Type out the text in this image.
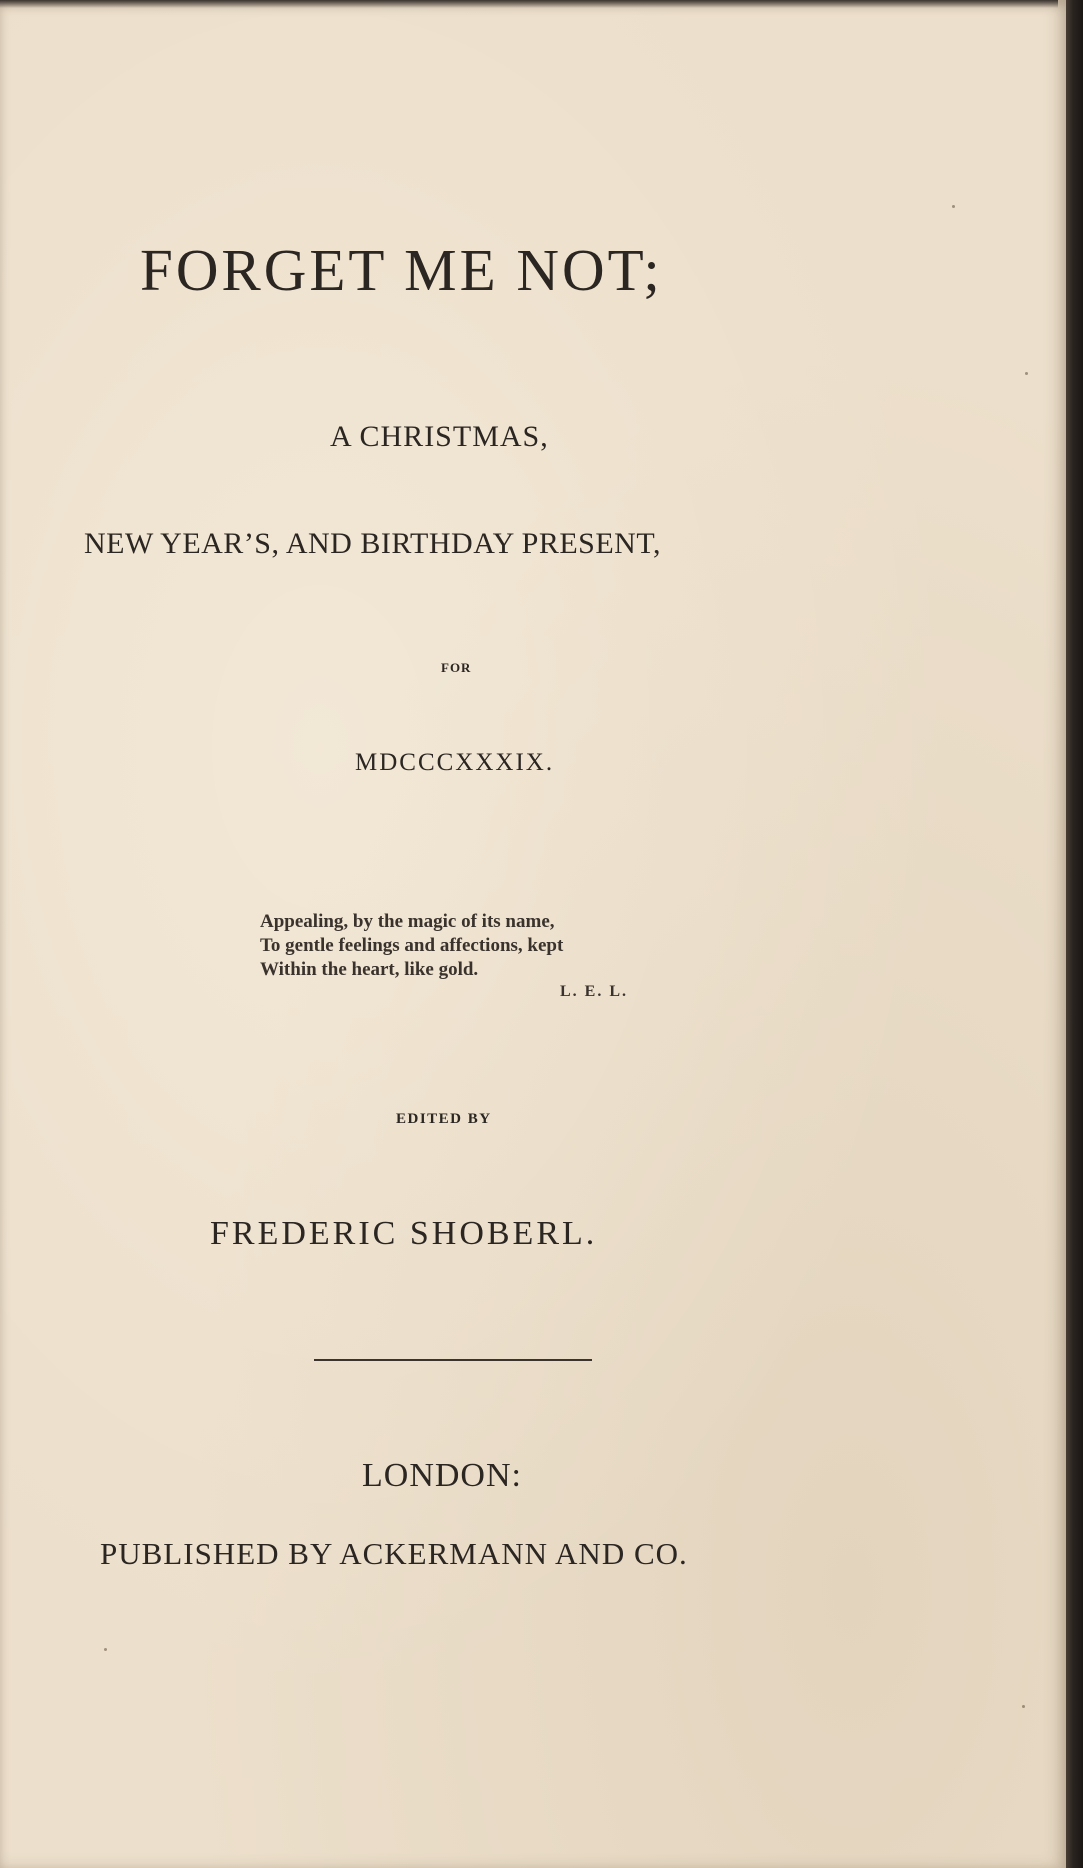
FORGET ME NOT;
A CHRISTMAS,
NEW YEAR’S, AND BIRTHDAY PRESENT,
FOR
MDCCCXXXIX.
Appealing, by the magic of its name,
To gentle feelings and affections, kept
Within the heart, like gold.
L. E. L.
EDITED BY
FREDERIC SHOBERL.
LONDON:
PUBLISHED BY ACKERMANN AND CO.
